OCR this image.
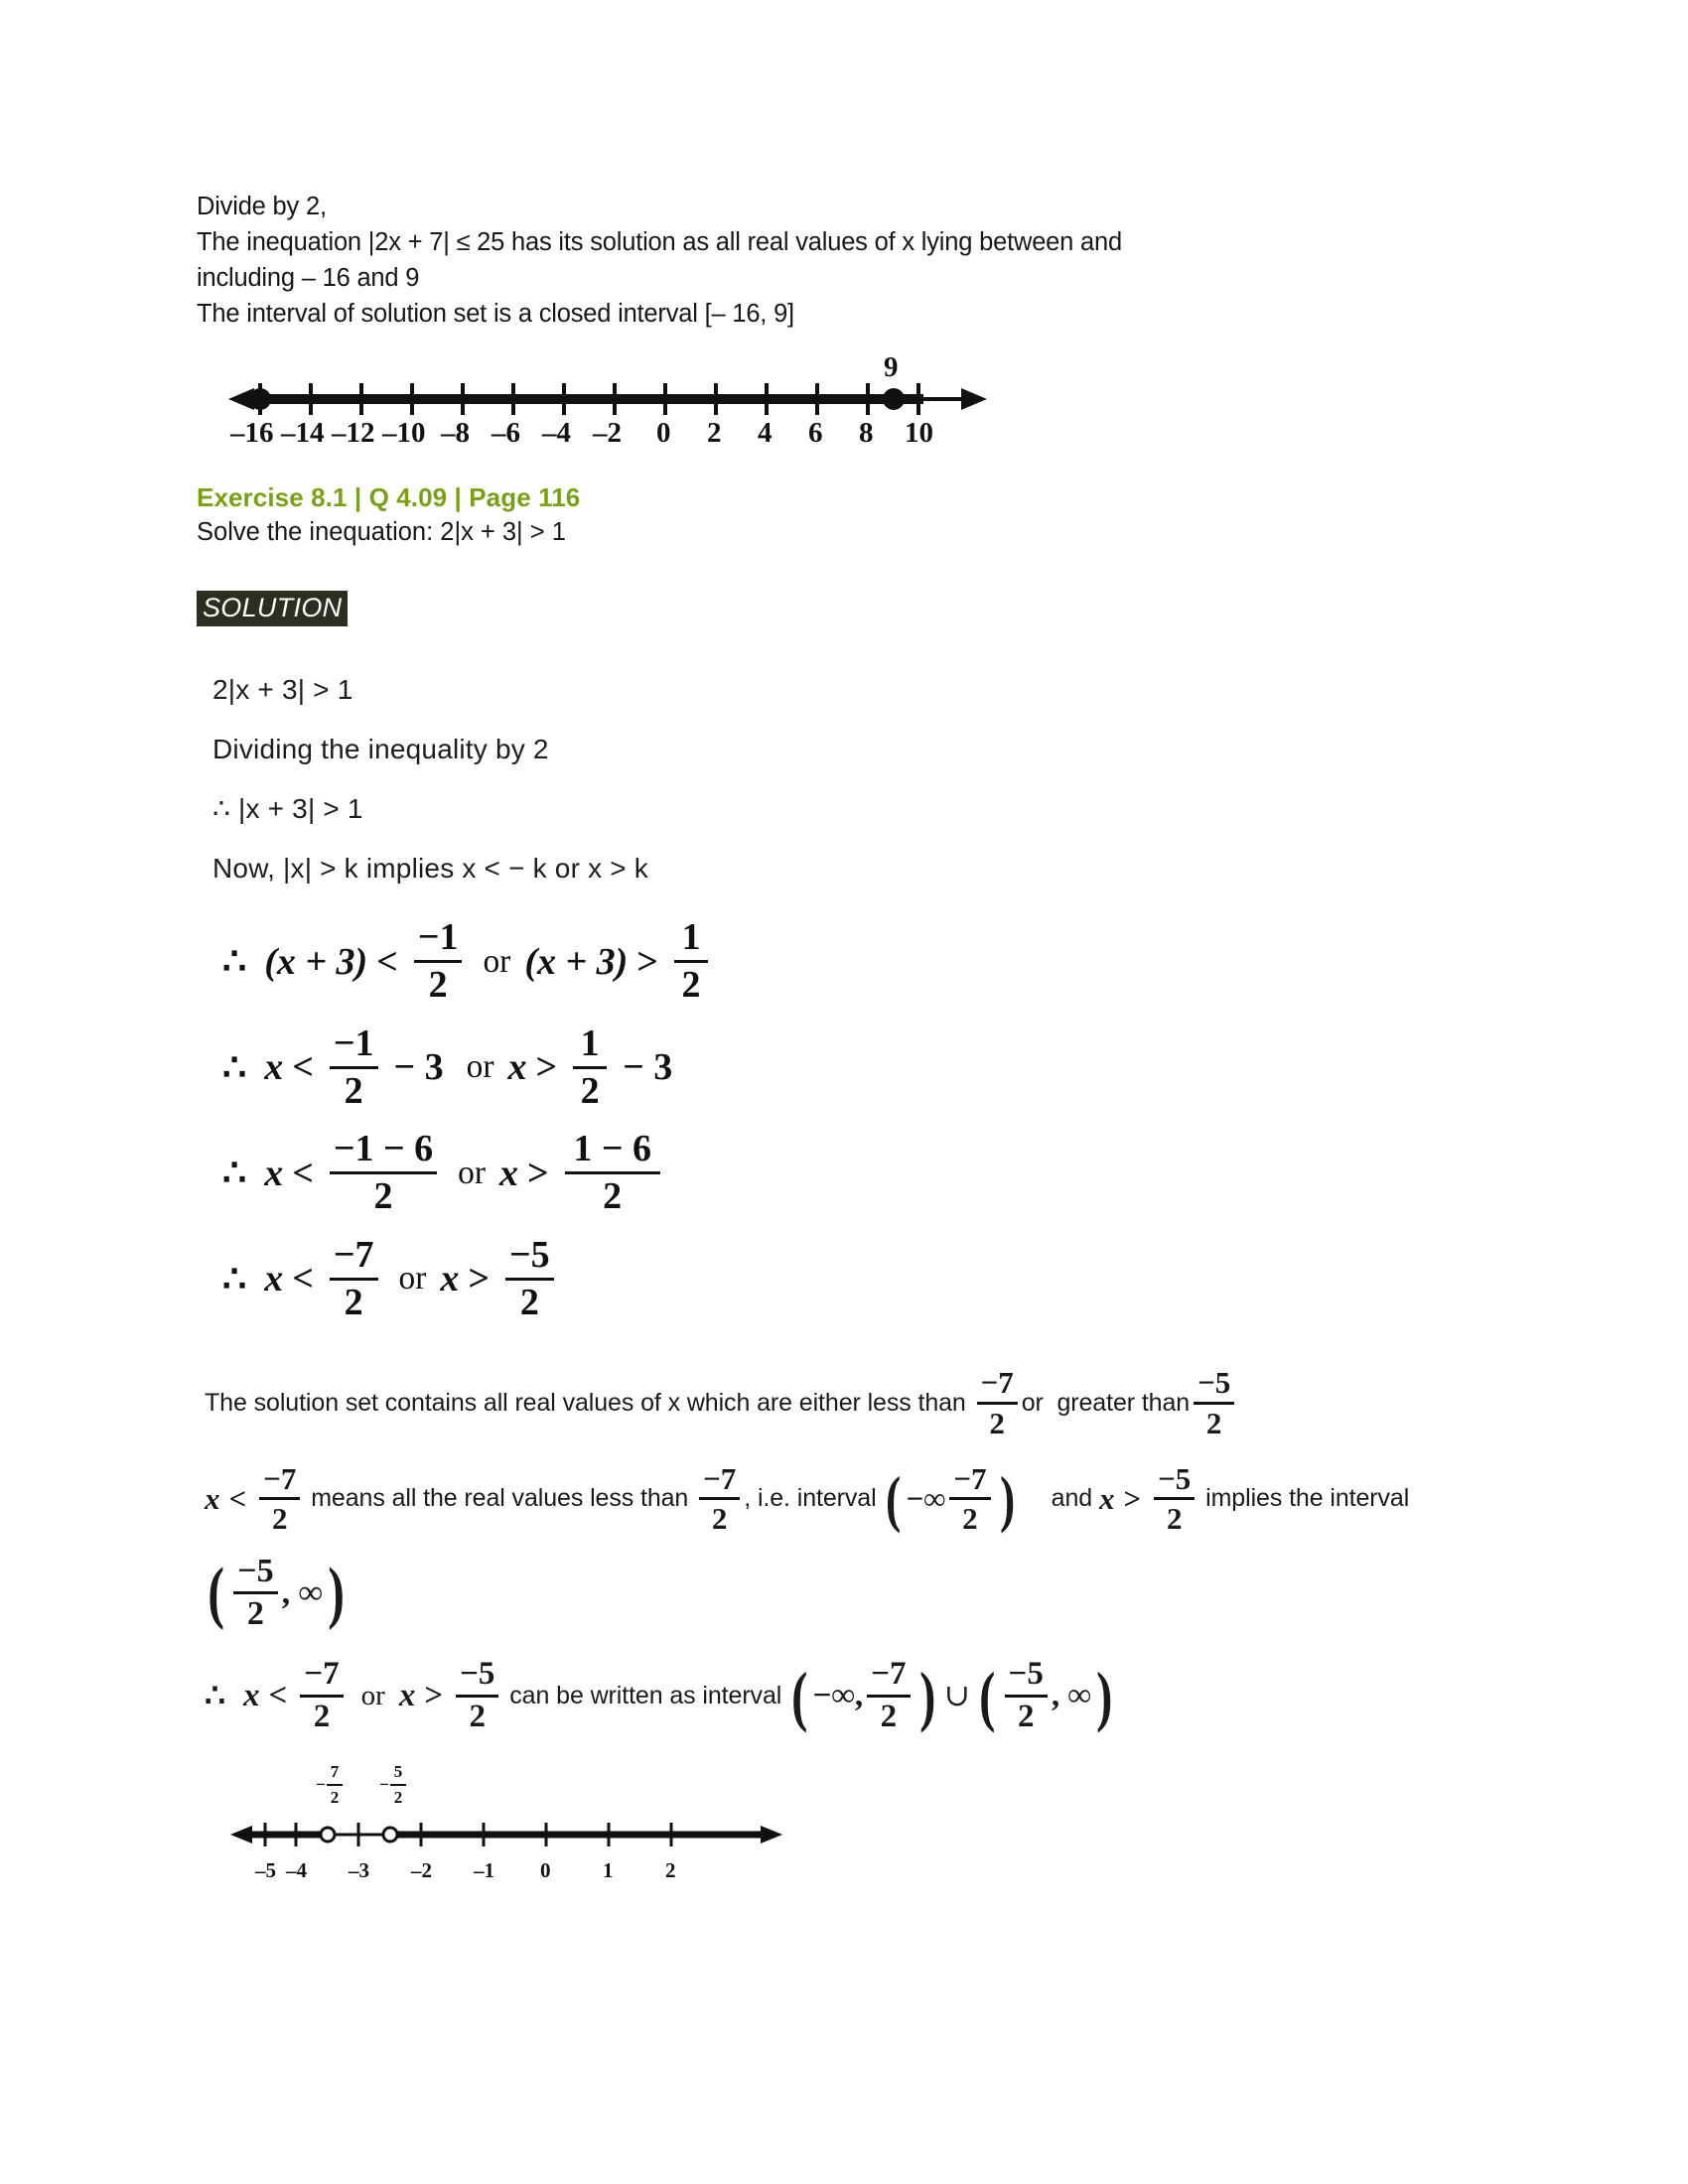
Divide by 2,
The inequation |2x + 7| ≤ 25 has its solution as all real values of x lying between and
including – 16 and 9
The interval of solution set is a closed interval [– 16, 9]
–16 –14 –12 –10 –8 –6 –4 –2 0 2 4 6 8 10
9
Exercise 8.1 | Q 4.09 | Page 116
Solve the inequation: 2|x + 3| > 1
SOLUTION
2|x + 3| > 1
Dividing the inequality by 2
∴ |x + 3| > 1
Now, |x| > k implies x < − k or x > k
∴ $(x + 3) < \frac{-1}{2}$ or $(x + 3) > \frac{1}{2}$
∴ $x < \frac{-1}{2} - 3$ or $x > \frac{1}{2} - 3$
∴ $x < \frac{-1 - 6}{2}$ or $x > \frac{1 - 6}{2}$
∴ $x < \frac{-7}{2}$ or $x > \frac{-5}{2}$
The solution set contains all real values of x which are either less than $\frac{-7}{2}$ or  greater than $\frac{-5}{2}$
$x < \frac{-7}{2}$ means all the real values less than $\frac{-7}{2}$ , i.e. interval ( −∞ $\frac{-7}{2}$ ) and $x > \frac{-5}{2}$ implies the interval
( $\frac{-5}{2}$ , ∞ )
∴ $x < \frac{-7}{2}$ or $x > \frac{-5}{2}$ can be written as interval ( −∞, $\frac{-7}{2}$ ) ∪ ( $\frac{-5}{2}$ , ∞ )
− $\frac{7}{2} - \frac{5}{2}$
–5 –4 –3 –2 –1 0	1	2
